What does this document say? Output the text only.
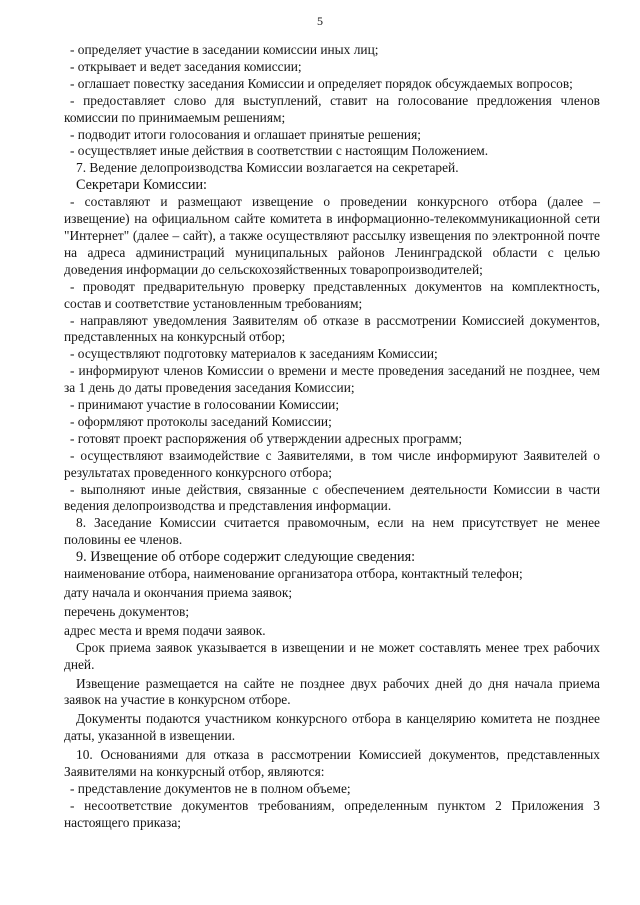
5

- определяет участие в заседании комиссии иных лиц;

- открывает и ведет заседания комиссии;

- оглашает повестку заседания Комиссии и определяет порядок обсуждаемых вопросов;

- предоставляет слово для выступлений, ставит на голосование предложения членов комиссии по принимаемым решениям;

- подводит итоги голосования и оглашает принятые решения;

- осуществляет иные действия в соответствии с настоящим Положением.

7. Ведение делопроизводства Комиссии возлагается на секретарей.

Секретари Комиссии:

- составляют и размещают извещение о проведении конкурсного отбора (далее – извещение) на официальном сайте комитета в информационно-телекоммуникационной сети "Интернет" (далее – сайт), а также осуществляют рассылку извещения по электронной почте на адреса администраций муниципальных районов Ленинградской области с целью доведения информации до сельскохозяйственных товаропроизводителей;

- проводят предварительную проверку представленных документов на комплектность, состав и соответствие установленным требованиям;

- направляют уведомления Заявителям об отказе в рассмотрении Комиссией документов, представленных на конкурсный отбор;

- осуществляют подготовку материалов к заседаниям Комиссии;

- информируют членов Комиссии о времени и месте проведения заседаний не позднее, чем за 1 день до даты проведения заседания Комиссии;

- принимают участие в голосовании Комиссии;

- оформляют протоколы заседаний Комиссии;

- готовят проект распоряжения об утверждении адресных программ;

- осуществляют взаимодействие с Заявителями, в том числе информируют Заявителей о результатах проведенного конкурсного отбора;

- выполняют иные действия, связанные с обеспечением деятельности Комиссии в части ведения делопроизводства и представления информации.

8. Заседание Комиссии считается правомочным, если на нем присутствует не менее половины ее членов.

9. Извещение об отборе содержит следующие сведения:

наименование отбора, наименование организатора отбора, контактный телефон;

дату начала и окончания приема заявок;

перечень документов;

адрес места и время подачи заявок.

Срок приема заявок указывается в извещении и не может составлять менее трех рабочих дней.

Извещение размещается на сайте не позднее двух рабочих дней до дня начала приема заявок на участие в конкурсном отборе.

Документы подаются участником конкурсного отбора в канцелярию комитета не позднее даты, указанной в извещении.

10. Основаниями для отказа в рассмотрении Комиссией документов, представленных Заявителями на конкурсный отбор, являются:

- представление документов не в полном объеме;

- несоответствие документов требованиям, определенным пунктом 2 Приложения 3 настоящего приказа;
